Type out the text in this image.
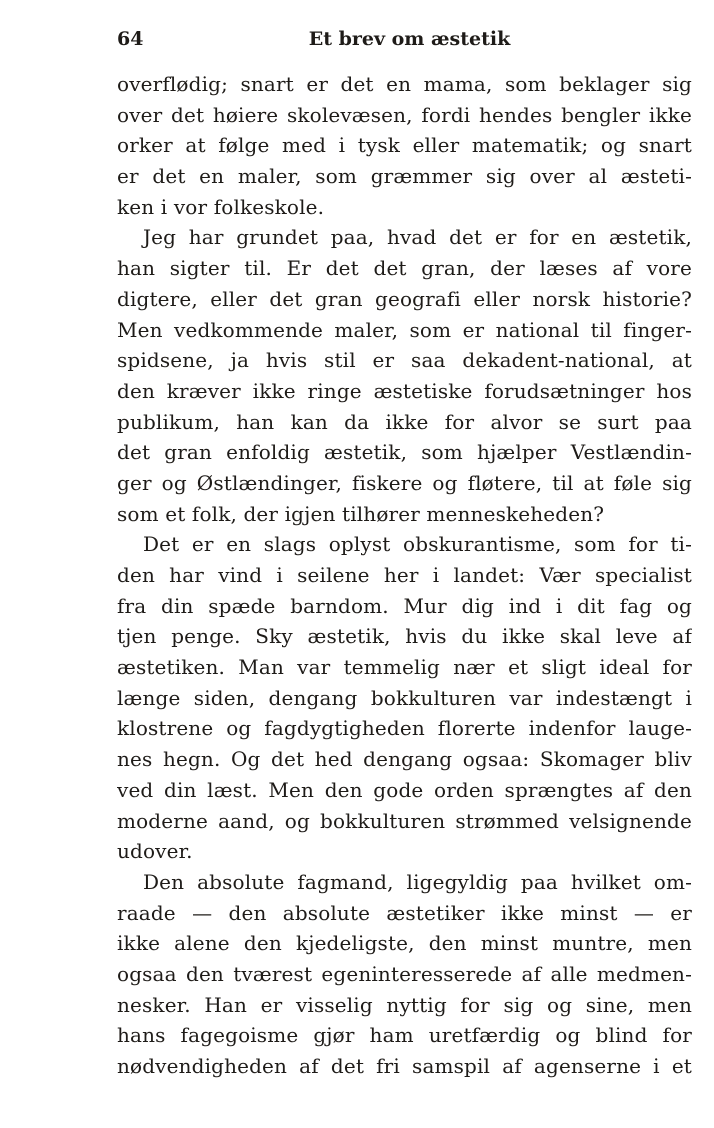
64	Et brev om æstetik
overflødig; snart er det en mama, som beklager sig
over det høiere skolevæsen, fordi hendes bengler ikke
orker at følge med i tysk eller matematik; og snart
er det en maler, som græmmer sig over al æsteti-
ken i vor folkeskole.
Jeg har grundet paa, hvad det er for en æstetik,
han sigter til. Er det det gran, der læses af vore
digtere, eller det gran geografi eller norsk historie?
Men vedkommende maler, som er national til finger-
spidsene, ja hvis stil er saa dekadent-national, at
den kræver ikke ringe æstetiske forudsætninger hos
publikum, han kan da ikke for alvor se surt paa
det gran enfoldig æstetik, som hjælper Vestlændin-
ger og Østlændinger, fiskere og fløtere, til at føle sig
som et folk, der igjen tilhører menneskeheden?
Det er en slags oplyst obskurantisme, som for ti-
den har vind i seilene her i landet: Vær specialist
fra din spæde barndom. Mur dig ind i dit fag og
tjen penge. Sky æstetik, hvis du ikke skal leve af
æstetiken. Man var temmelig nær et sligt ideal for
længe siden, dengang bokkulturen var indestængt i
klostrene og fagdygtigheden florerte indenfor lauge-
nes hegn. Og det hed dengang ogsaa: Skomager bliv
ved din læst. Men den gode orden sprængtes af den
moderne aand, og bokkulturen strømmed velsignende
udover.
Den absolute fagmand, ligegyldig paa hvilket om-
raade — den absolute æstetiker ikke minst — er
ikke alene den kjedeligste, den minst muntre, men
ogsaa den tværest egeninteresserede af alle medmen-
nesker. Han er visselig nyttig for sig og sine, men
hans fagegoisme gjør ham uretfærdig og blind for
nødvendigheden af det fri samspil af agenserne i et
